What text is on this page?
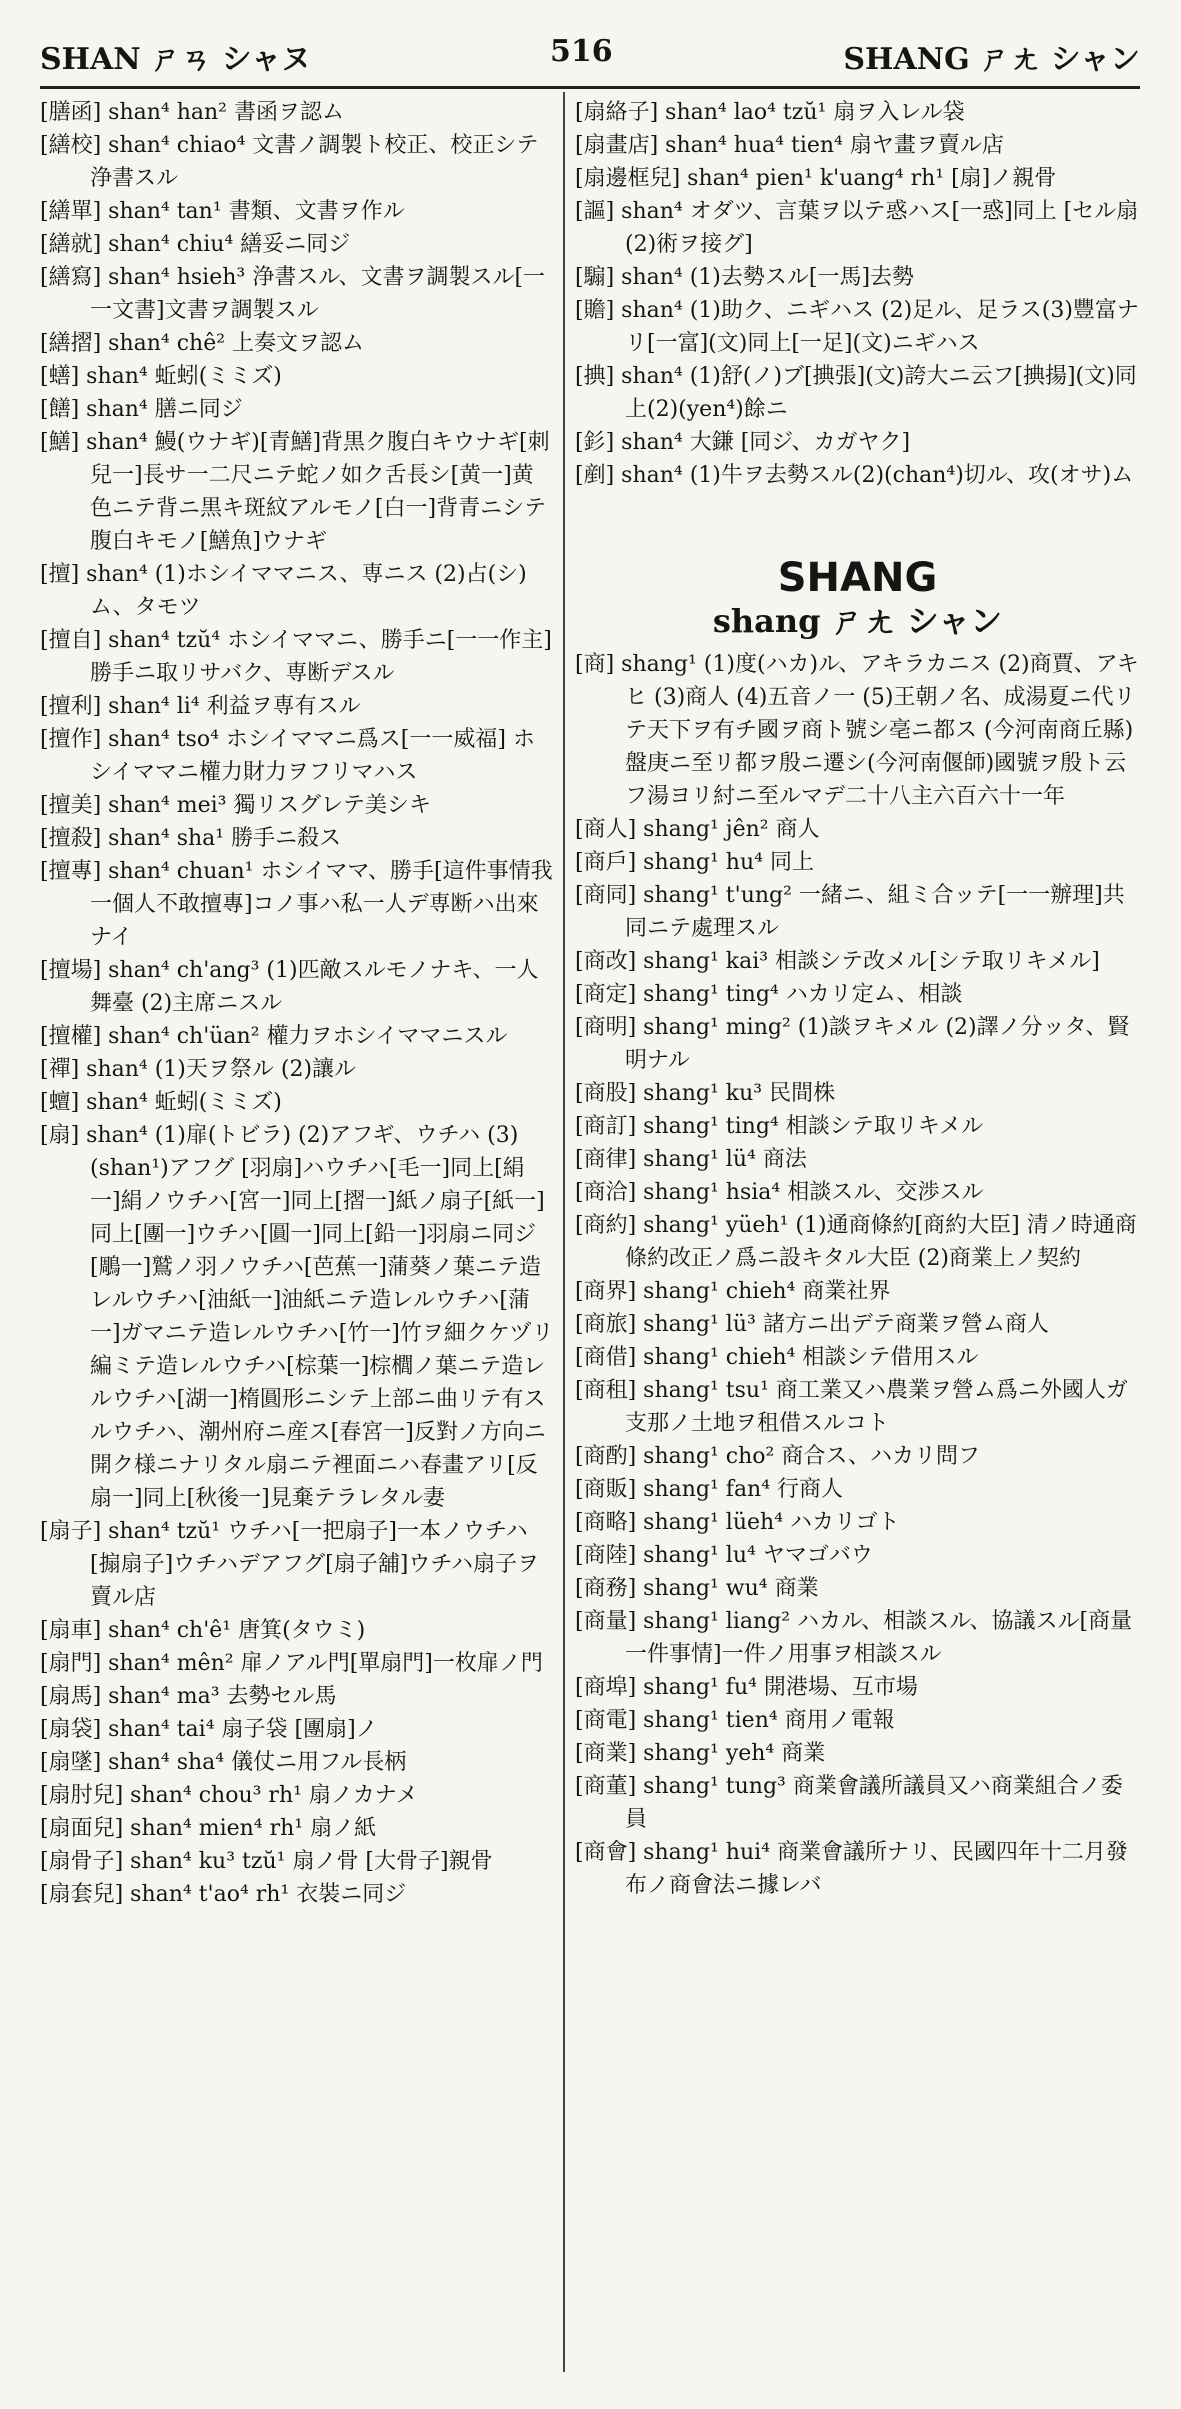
SHAN ㄕㄢ シャヌ	516	SHANG ㄕㄤ シャン

[膳函] shan⁴ han² 書函ヲ認ム

[繕校] shan⁴ chiao⁴ 文書ノ調製ト校正、校正シテ浄書スル

[繕單] shan⁴ tan¹ 書類、文書ヲ作ル

[繕就] shan⁴ chiu⁴ 繕妥ニ同ジ

[繕寫] shan⁴ hsieh³ 浄書スル、文書ヲ調製スル[一一文書]文書ヲ調製スル

[繕摺] shan⁴ chê² 上奏文ヲ認ム

[蟮] shan⁴ 蚯蚓(ミミズ)

[饍] shan⁴ 膳ニ同ジ

[鱔] shan⁴ 鰻(ウナギ)[青鱔]背黒ク腹白キウナギ[刺兒一]長サ一二尺ニテ蛇ノ如ク舌長シ[黄一]黄色ニテ背ニ黒キ斑紋アルモノ[白一]背青ニシテ腹白キモノ[鱔魚]ウナギ

[擅] shan⁴ (1)ホシイママニス、専ニス (2)占(シ)ム、タモツ

[擅自] shan⁴ tzŭ⁴ ホシイママニ、勝手ニ[一一作主]勝手ニ取リサバク、専断デスル

[擅利] shan⁴ li⁴ 利益ヲ専有スル

[擅作] shan⁴ tso⁴ ホシイママニ爲ス[一一威福] ホシイママニ權力財力ヲフリマハス

[擅美] shan⁴ mei³ 獨リスグレテ美シキ

[擅殺] shan⁴ sha¹ 勝手ニ殺ス

[擅專] shan⁴ chuan¹ ホシイママ、勝手[這件事情我一個人不敢擅專]コノ事ハ私一人デ専断ハ出來ナイ

[擅場] shan⁴ ch'ang³ (1)匹敵スルモノナキ、一人舞臺 (2)主席ニスル

[擅權] shan⁴ ch'üan² 權力ヲホシイママニスル

[禪] shan⁴ (1)天ヲ祭ル (2)讓ル

[蟺] shan⁴ 蚯蚓(ミミズ)

[扇] shan⁴ (1)扉(トビラ) (2)アフギ、ウチハ (3)(shan¹)アフグ [羽扇]ハウチハ[毛一]同上[絹一]絹ノウチハ[宮一]同上[摺一]紙ノ扇子[紙一]同上[團一]ウチハ[圓一]同上[鉛一]羽扇ニ同ジ[鵰一]鷲ノ羽ノウチハ[芭蕉一]蒲葵ノ葉ニテ造レルウチハ[油紙一]油紙ニテ造レルウチハ[蒲一]ガマニテ造レルウチハ[竹一]竹ヲ細クケヅリ編ミテ造レルウチハ[棕葉一]棕櫚ノ葉ニテ造レルウチハ[湖一]楕圓形ニシテ上部ニ曲リテ有スルウチハ、潮州府ニ産ス[春宮一]反對ノ方向ニ開ク様ニナリタル扇ニテ裡面ニハ春畫アリ[反扇一]同上[秋後一]見棄テラレタル妻

[扇子] shan⁴ tzŭ¹ ウチハ[一把扇子]一本ノウチハ[搧扇子]ウチハデアフグ[扇子舖]ウチハ扇子ヲ賣ル店

[扇車] shan⁴ ch'ê¹ 唐箕(タウミ)

[扇門] shan⁴ mên² 扉ノアル門[單扇門]一枚扉ノ門

[扇馬] shan⁴ ma³ 去勢セル馬

[扇袋] shan⁴ tai⁴ 扇子袋 [團扇]ノ

[扇墜] shan⁴ sha⁴ 儀仗ニ用フル長柄

[扇肘兒] shan⁴ chou³ rh¹ 扇ノカナメ

[扇面兒] shan⁴ mien⁴ rh¹ 扇ノ紙

[扇骨子] shan⁴ ku³ tzŭ¹ 扇ノ骨 [大骨子]親骨

[扇套兒] shan⁴ t'ao⁴ rh¹ 衣裝ニ同ジ

[扇絡子] shan⁴ lao⁴ tzŭ¹ 扇ヲ入レル袋

[扇畫店] shan⁴ hua⁴ tien⁴ 扇ヤ畫ヲ賣ル店

[扇邊框兒] shan⁴ pien¹ k'uang⁴ rh¹ [扇]ノ親骨

[謳] shan⁴ オダツ、言葉ヲ以テ惑ハス[一惑]同上 [セル扇(2)術ヲ接グ]

[騸] shan⁴ (1)去勢スル[一馬]去勢

[贍] shan⁴ (1)助ク、ニギハス (2)足ル、足ラス(3)豐富ナリ[一富](文)同上[一足](文)ニギハス

[捵] shan⁴ (1)舒(ノ)ブ[捵張](文)誇大ニ云フ[捵揚](文)同上(2)(yen⁴)餘ニ

[釤] shan⁴ 大鎌 [同ジ、カガヤク]

[剷] shan⁴ (1)牛ヲ去勢スル(2)(chan⁴)切ル、攻(オサ)ム

SHANG
shang ㄕㄤ シャン

[商] shang¹ (1)度(ハカ)ル、アキラカニス (2)商賈、アキヒ (3)商人 (4)五音ノ一 (5)王朝ノ名、成湯夏ニ代リテ天下ヲ有チ國ヲ商ト號シ亳ニ都ス (今河南商丘縣) 盤庚ニ至リ都ヲ殷ニ遷シ(今河南偃師)國號ヲ殷ト云フ湯ヨリ紂ニ至ルマデ二十八主六百六十一年

[商人] shang¹ jên² 商人

[商戶] shang¹ hu⁴ 同上

[商同] shang¹ t'ung² 一緒ニ、組ミ合ッテ[一一辦理]共同ニテ處理スル

[商改] shang¹ kai³ 相談シテ改メル[シテ取リキメル]

[商定] shang¹ ting⁴ ハカリ定ム、相談

[商明] shang¹ ming² (1)談ヲキメル (2)譯ノ分ッタ、賢明ナル

[商股] shang¹ ku³ 民間株

[商訂] shang¹ ting⁴ 相談シテ取リキメル

[商律] shang¹ lü⁴ 商法

[商洽] shang¹ hsia⁴ 相談スル、交渉スル

[商約] shang¹ yüeh¹ (1)通商條約[商約大臣] 清ノ時通商條約改正ノ爲ニ設キタル大臣 (2)商業上ノ契約

[商界] shang¹ chieh⁴ 商業社界

[商旅] shang¹ lü³ 諸方ニ出デテ商業ヲ營ム商人

[商借] shang¹ chieh⁴ 相談シテ借用スル

[商租] shang¹ tsu¹ 商工業又ハ農業ヲ營ム爲ニ外國人ガ支那ノ土地ヲ租借スルコト

[商酌] shang¹ cho² 商合ス、ハカリ問フ

[商販] shang¹ fan⁴ 行商人

[商略] shang¹ lüeh⁴ ハカリゴト

[商陸] shang¹ lu⁴ ヤマゴバウ

[商務] shang¹ wu⁴ 商業

[商量] shang¹ liang² ハカル、相談スル、協議スル[商量一件事情]一件ノ用事ヲ相談スル

[商埠] shang¹ fu⁴ 開港場、互市場

[商電] shang¹ tien⁴ 商用ノ電報

[商業] shang¹ yeh⁴ 商業

[商董] shang¹ tung³ 商業會議所議員又ハ商業組合ノ委員

[商會] shang¹ hui⁴ 商業會議所ナリ、民國四年十二月發布ノ商會法ニ據レバ
